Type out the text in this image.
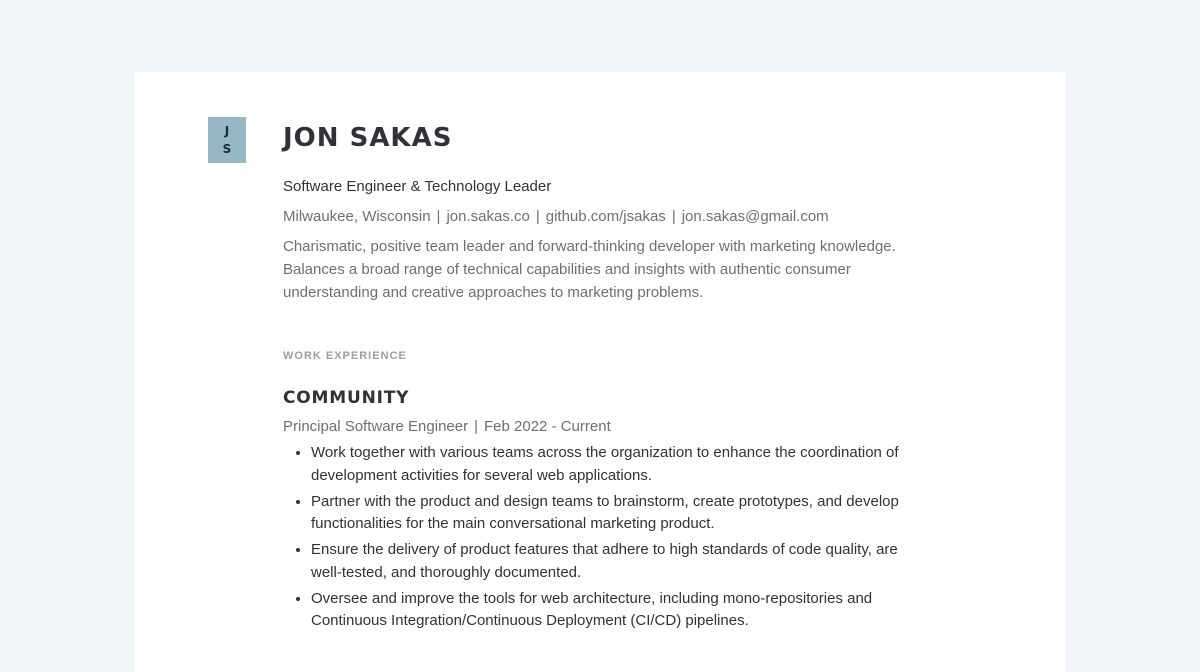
J
S JON SAKAS
Software Engineer & Technology Leader
Milwaukee, Wisconsin | jon.sakas.co | github.com/jsakas | jon.sakas@gmail.com
Charismatic, positive team leader and forward-thinking developer with marketing knowledge. Balances a broad range of technical capabilities and insights with authentic consumer understanding and creative approaches to marketing problems.
WORK EXPERIENCE
COMMUNITY
Principal Software Engineer | Feb 2022 - Current
• Work together with various teams across the organization to enhance the coordination of development activities for several web applications.
• Partner with the product and design teams to brainstorm, create prototypes, and develop functionalities for the main conversational marketing product.
• Ensure the delivery of product features that adhere to high standards of code quality, are well-tested, and thoroughly documented.
• Oversee and improve the tools for web architecture, including mono-repositories and Continuous Integration/Continuous Deployment (CI/CD) pipelines.
